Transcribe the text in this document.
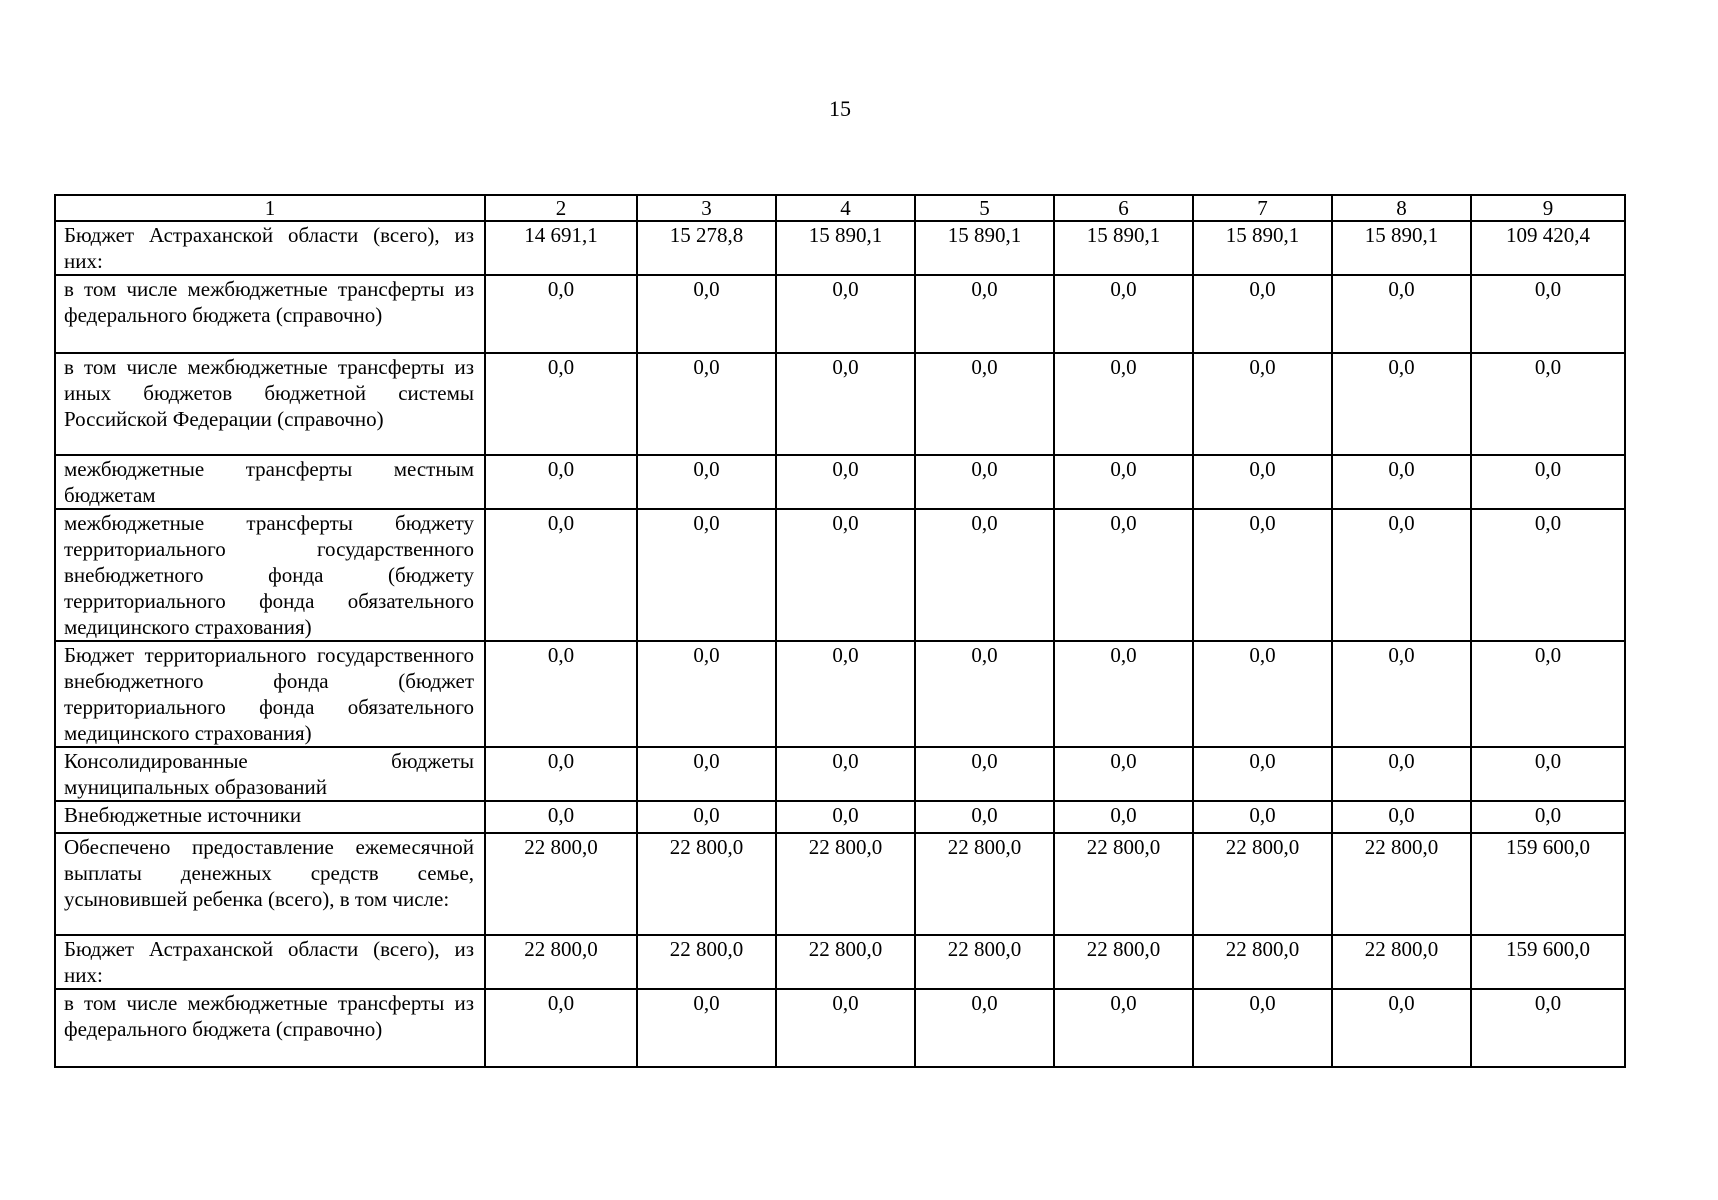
15
1	2	3	4	5	6	7	8	9
Бюджет Астраханской области (всего), из них:	14 691,1	15 278,8	15 890,1	15 890,1	15 890,1	15 890,1	15 890,1	109 420,4
в том числе межбюджетные трансферты из федерального бюджета (справочно)	0,0	0,0	0,0	0,0	0,0	0,0	0,0	0,0
в том числе межбюджетные трансферты из иных бюджетов бюджетной системы Российской Федерации (справочно)	0,0	0,0	0,0	0,0	0,0	0,0	0,0	0,0
межбюджетные трансферты местным бюджетам	0,0	0,0	0,0	0,0	0,0	0,0	0,0	0,0
межбюджетные трансферты бюджету территориального государственного внебюджетного фонда (бюджету территориального фонда обязательного медицинского страхования)	0,0	0,0	0,0	0,0	0,0	0,0	0,0	0,0
Бюджет территориального государственного внебюджетного фонда (бюджет территориального фонда обязательного медицинского страхования)	0,0	0,0	0,0	0,0	0,0	0,0	0,0	0,0
Консолидированные бюджеты муниципальных образований	0,0	0,0	0,0	0,0	0,0	0,0	0,0	0,0
Внебюджетные источники	0,0	0,0	0,0	0,0	0,0	0,0	0,0	0,0
Обеспечено предоставление ежемесячной выплаты денежных средств семье, усыновившей ребенка (всего), в том числе:	22 800,0	22 800,0	22 800,0	22 800,0	22 800,0	22 800,0	22 800,0	159 600,0
Бюджет Астраханской области (всего), из них:	22 800,0	22 800,0	22 800,0	22 800,0	22 800,0	22 800,0	22 800,0	159 600,0
в том числе межбюджетные трансферты из федерального бюджета (справочно)	0,0	0,0	0,0	0,0	0,0	0,0	0,0	0,0
